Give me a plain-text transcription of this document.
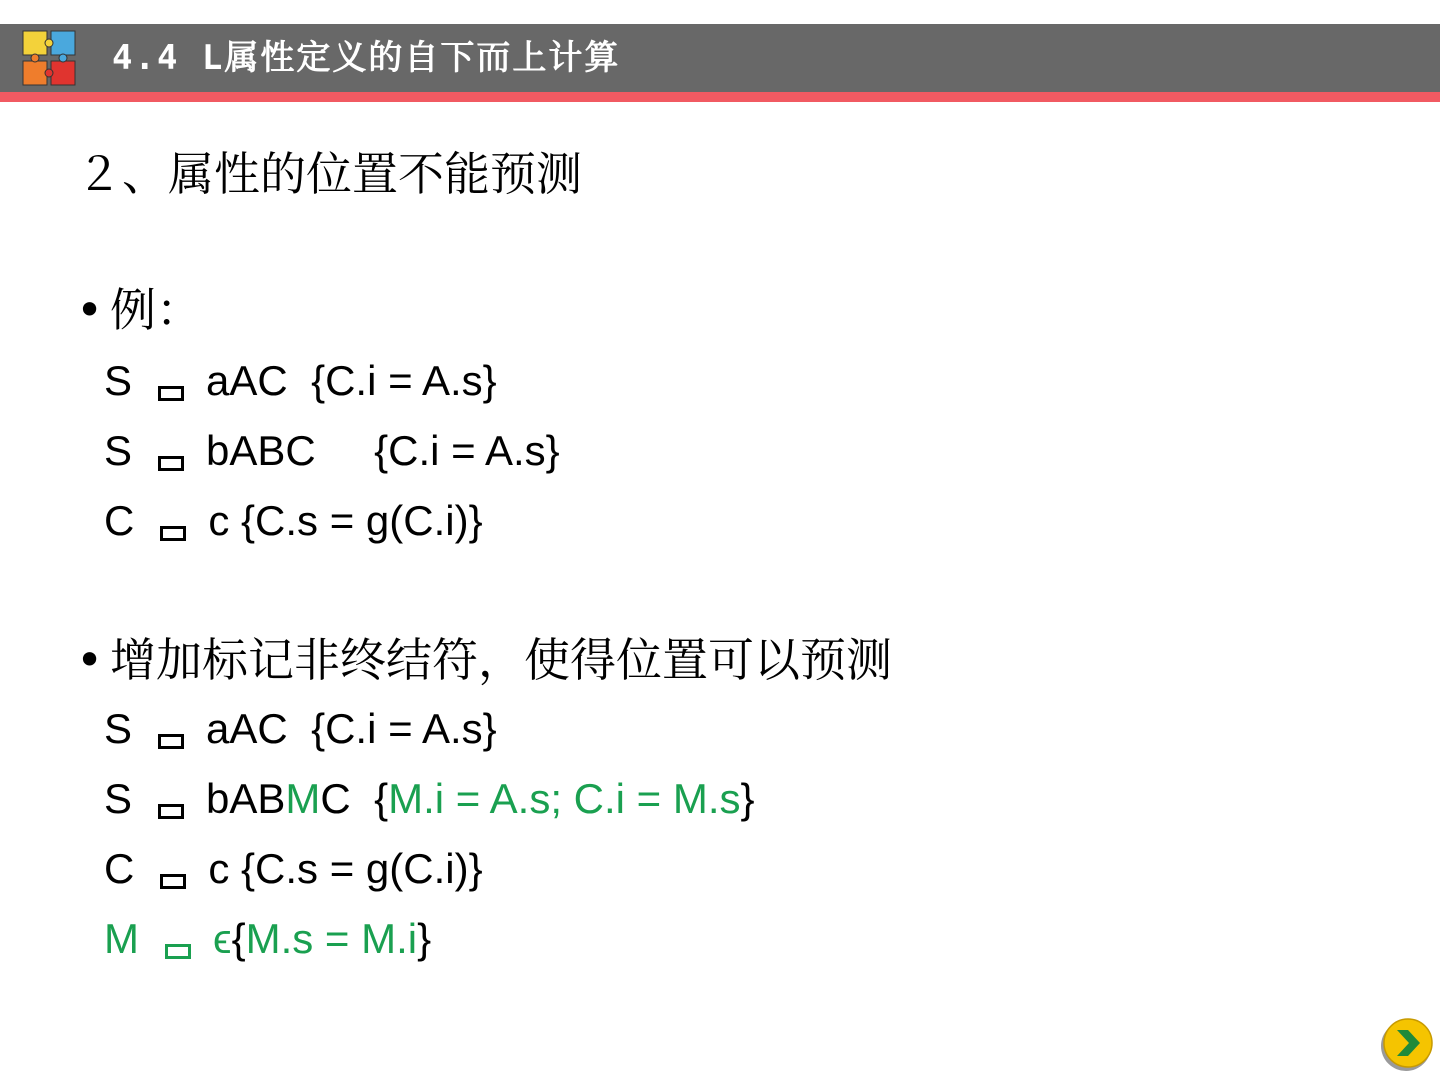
4.4 L属性定义的自下而上计算
２、属性的位置不能预测
• 例：
S aAC {C.i = A.s}
S bABC {C.i = A.s}
C c {C.s = g(C.i)}
• 增加标记非终结符，使得位置可以预测
S aAC {C.i = A.s}
S bABMC {M.i = A.s; C.i = M.s}
C c {C.s = g(C.i)}
M ϵ{M.s = M.i}
